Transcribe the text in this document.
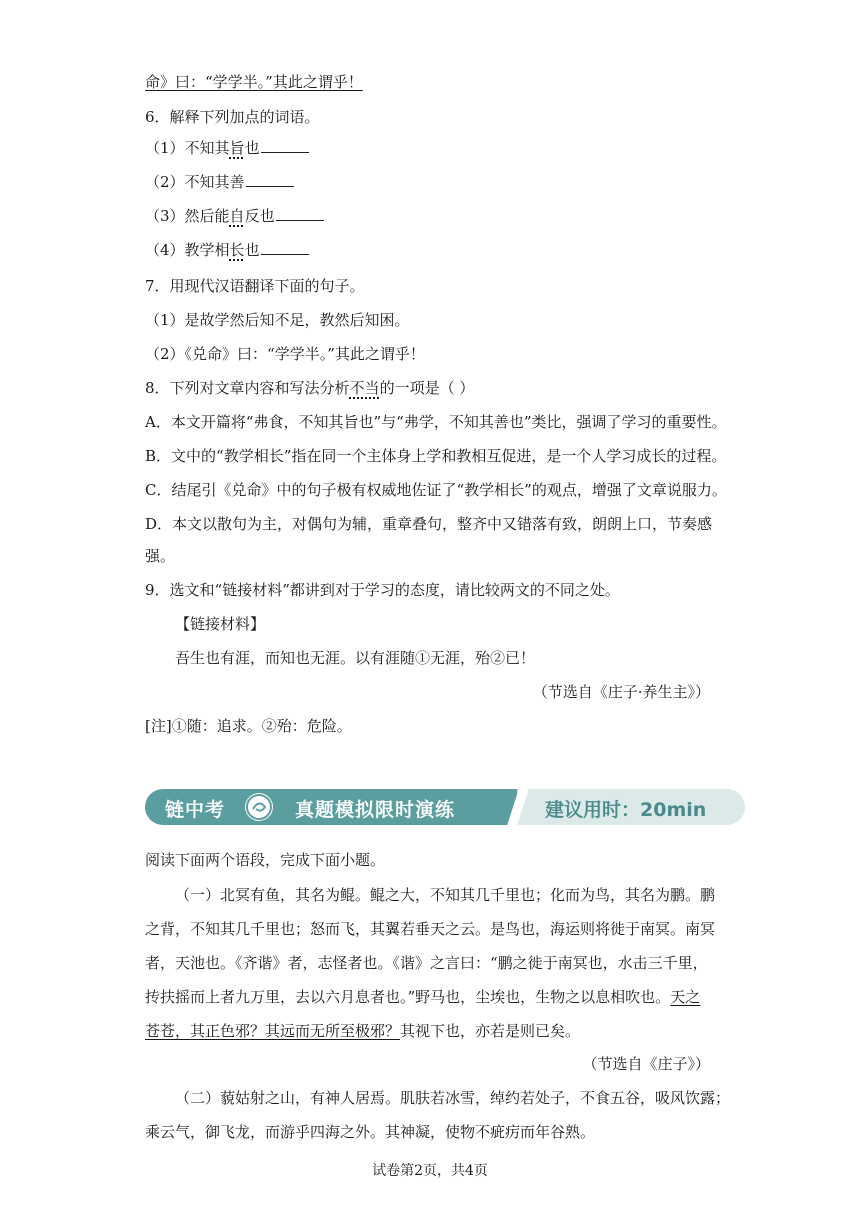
命》曰：“学学半。”其此之谓乎！
6．解释下列加点的词语。
（1）不知其旨也
（2）不知其善
（3）然后能自反也
（4）教学相长也
7．用现代汉语翻译下面的句子。
（1）是故学然后知不足，教然后知困。
（2）《兑命》曰：“学学半。”其此之谓乎！
8．下列对文章内容和写法分析不当的一项是（ ）
A．本文开篇将“弗食，不知其旨也”与“弗学，不知其善也”类比，强调了学习的重要性。
B．文中的“教学相长”指在同一个主体身上学和教相互促进，是一个人学习成长的过程。
C．结尾引《兑命》中的句子极有权威地佐证了“教学相长”的观点，增强了文章说服力。
D．本文以散句为主，对偶句为辅，重章叠句，整齐中又错落有致，朗朗上口，节奏感
强。
9．选文和“链接材料”都讲到对于学习的态度，请比较两文的不同之处。
【链接材料】
吾生也有涯，而知也无涯。以有涯随①无涯，殆②已！
（节选自《庄子·养生主》）
[注]①随：追求。②殆：危险。
链中考	真题模拟限时演练	建议用时：20min
阅读下面两个语段，完成下面小题。
（一）北冥有鱼，其名为鲲。鲲之大，不知其几千里也；化而为鸟，其名为鹏。鹏
之背，不知其几千里也；怒而飞，其翼若垂天之云。是鸟也，海运则将徙于南冥。南冥
者，天池也。《齐谐》者，志怪者也。《谐》之言曰：“鹏之徙于南冥也，水击三千里，
抟扶摇而上者九万里，去以六月息者也。”野马也，尘埃也，生物之以息相吹也。天之
苍苍，其正色邪？其远而无所至极邪？其视下也，亦若是则已矣。
（节选自《庄子》）
（二）藐姑射之山，有神人居焉。肌肤若冰雪，绰约若处子，不食五谷，吸风饮露；
乘云气，御飞龙，而游乎四海之外。其神凝，使物不疵疠而年谷熟。
试卷第2页，共4页
